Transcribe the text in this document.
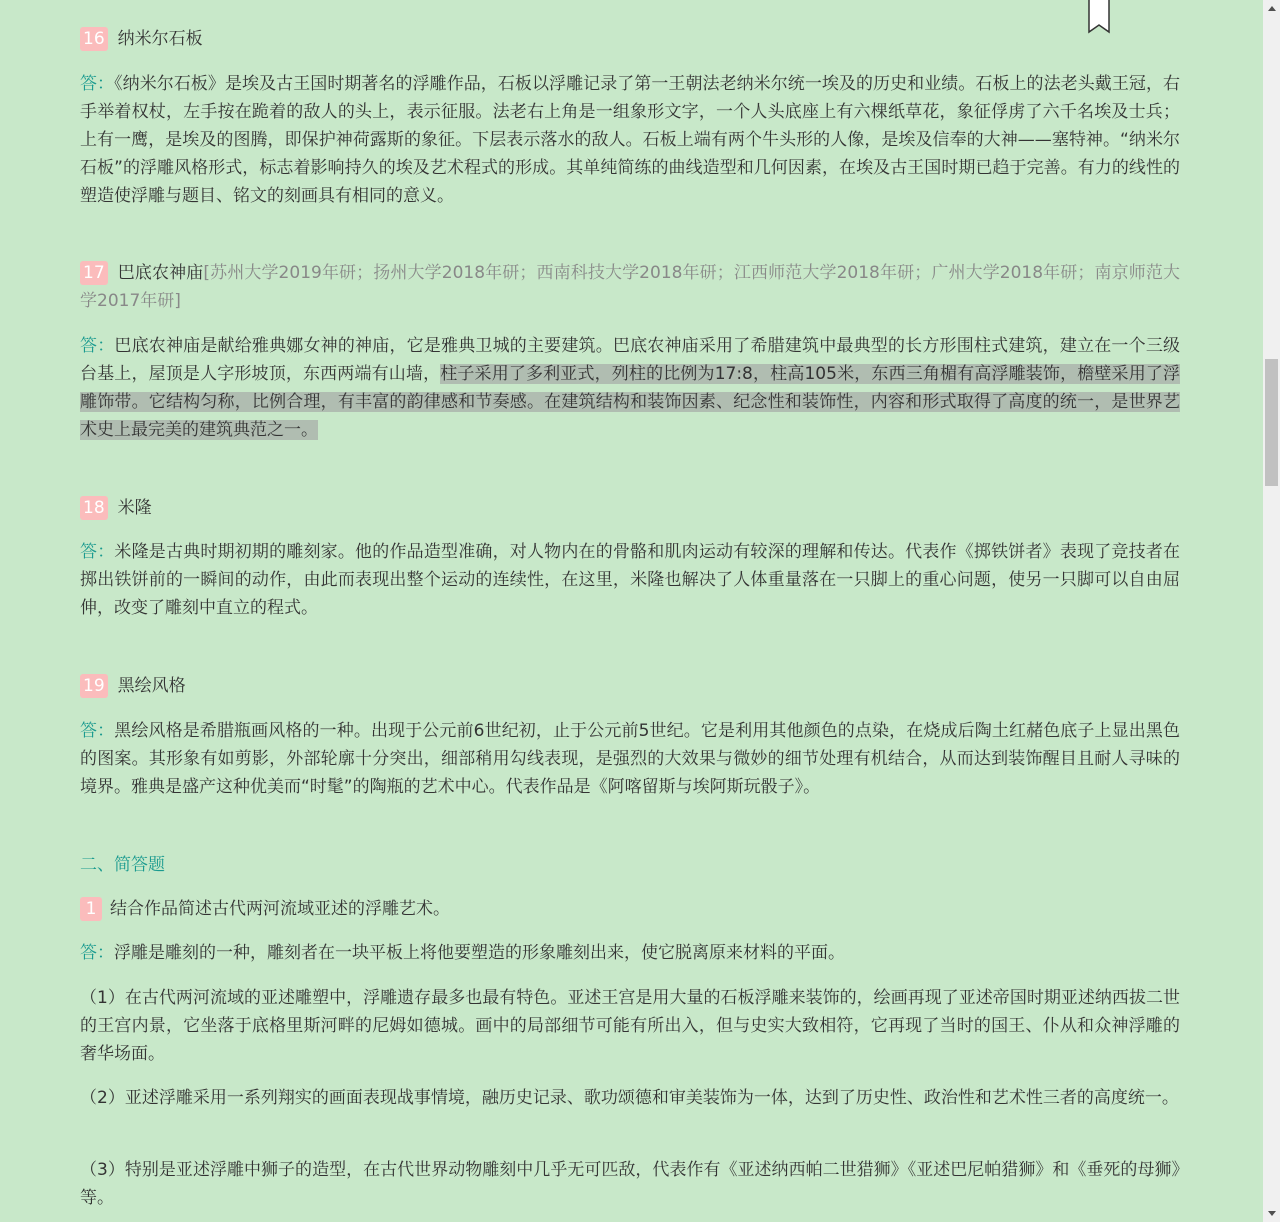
16 纳米尔石板

答：《纳米尔石板》是埃及古王国时期著名的浮雕作品，石板以浮雕记录了第一王朝法老纳米尔统一埃及的历史和业绩。石板上的法老头戴王冠，右手举着权杖，左手按在跪着的敌人的头上，表示征服。法老右上角是一组象形文字，一个人头底座上有六棵纸草花，象征俘虏了六千名埃及士兵；上有一鹰，是埃及的图腾，即保护神荷露斯的象征。下层表示落水的敌人。石板上端有两个牛头形的人像，是埃及信奉的大神——塞特神。“纳米尔石板”的浮雕风格形式，标志着影响持久的埃及艺术程式的形成。其单纯简练的曲线造型和几何因素，在埃及古王国时期已趋于完善。有力的线性的塑造使浮雕与题目、铭文的刻画具有相同的意义。

17 巴底农神庙[苏州大学2019年研；扬州大学2018年研；西南科技大学2018年研；江西师范大学2018年研；广州大学2018年研；南京师范大学2017年研]

答：巴底农神庙是献给雅典娜女神的神庙，它是雅典卫城的主要建筑。巴底农神庙采用了希腊建筑中最典型的长方形围柱式建筑，建立在一个三级台基上，屋顶是人字形坡顶，东西两端有山墙，柱子采用了多利亚式，列柱的比例为17:8，柱高105米，东西三角楣有高浮雕装饰，檐壁采用了浮雕饰带。它结构匀称，比例合理，有丰富的韵律感和节奏感。在建筑结构和装饰因素、纪念性和装饰性，内容和形式取得了高度的统一，是世界艺术史上最完美的建筑典范之一。

18 米隆

答：米隆是古典时期初期的雕刻家。他的作品造型准确，对人物内在的骨骼和肌肉运动有较深的理解和传达。代表作《掷铁饼者》表现了竞技者在掷出铁饼前的一瞬间的动作，由此而表现出整个运动的连续性，在这里，米隆也解决了人体重量落在一只脚上的重心问题，使另一只脚可以自由屈伸，改变了雕刻中直立的程式。

19 黑绘风格

答：黑绘风格是希腊瓶画风格的一种。出现于公元前6世纪初，止于公元前5世纪。它是利用其他颜色的点染，在烧成后陶土红赭色底子上显出黑色的图案。其形象有如剪影，外部轮廓十分突出，细部稍用勾线表现，是强烈的大效果与微妙的细节处理有机结合，从而达到装饰醒目且耐人寻味的境界。雅典是盛产这种优美而“时髦”的陶瓶的艺术中心。代表作品是《阿喀留斯与埃阿斯玩骰子》。

二、简答题
1 结合作品简述古代两河流域亚述的浮雕艺术。

答：浮雕是雕刻的一种，雕刻者在一块平板上将他要塑造的形象雕刻出来，使它脱离原来材料的平面。

（1）在古代两河流域的亚述雕塑中，浮雕遗存最多也最有特色。亚述王宫是用大量的石板浮雕来装饰的，绘画再现了亚述帝国时期亚述纳西拔二世的王宫内景，它坐落于底格里斯河畔的尼姆如德城。画中的局部细节可能有所出入，但与史实大致相符，它再现了当时的国王、仆从和众神浮雕的奢华场面。

（2）亚述浮雕采用一系列翔实的画面表现战事情境，融历史记录、歌功颂德和审美装饰为一体，达到了历史性、政治性和艺术性三者的高度统一。

（3）特别是亚述浮雕中狮子的造型，在古代世界动物雕刻中几乎无可匹敌，代表作有《亚述纳西帕二世猎狮》《亚述巴尼帕猎狮》和《垂死的母狮》等。
